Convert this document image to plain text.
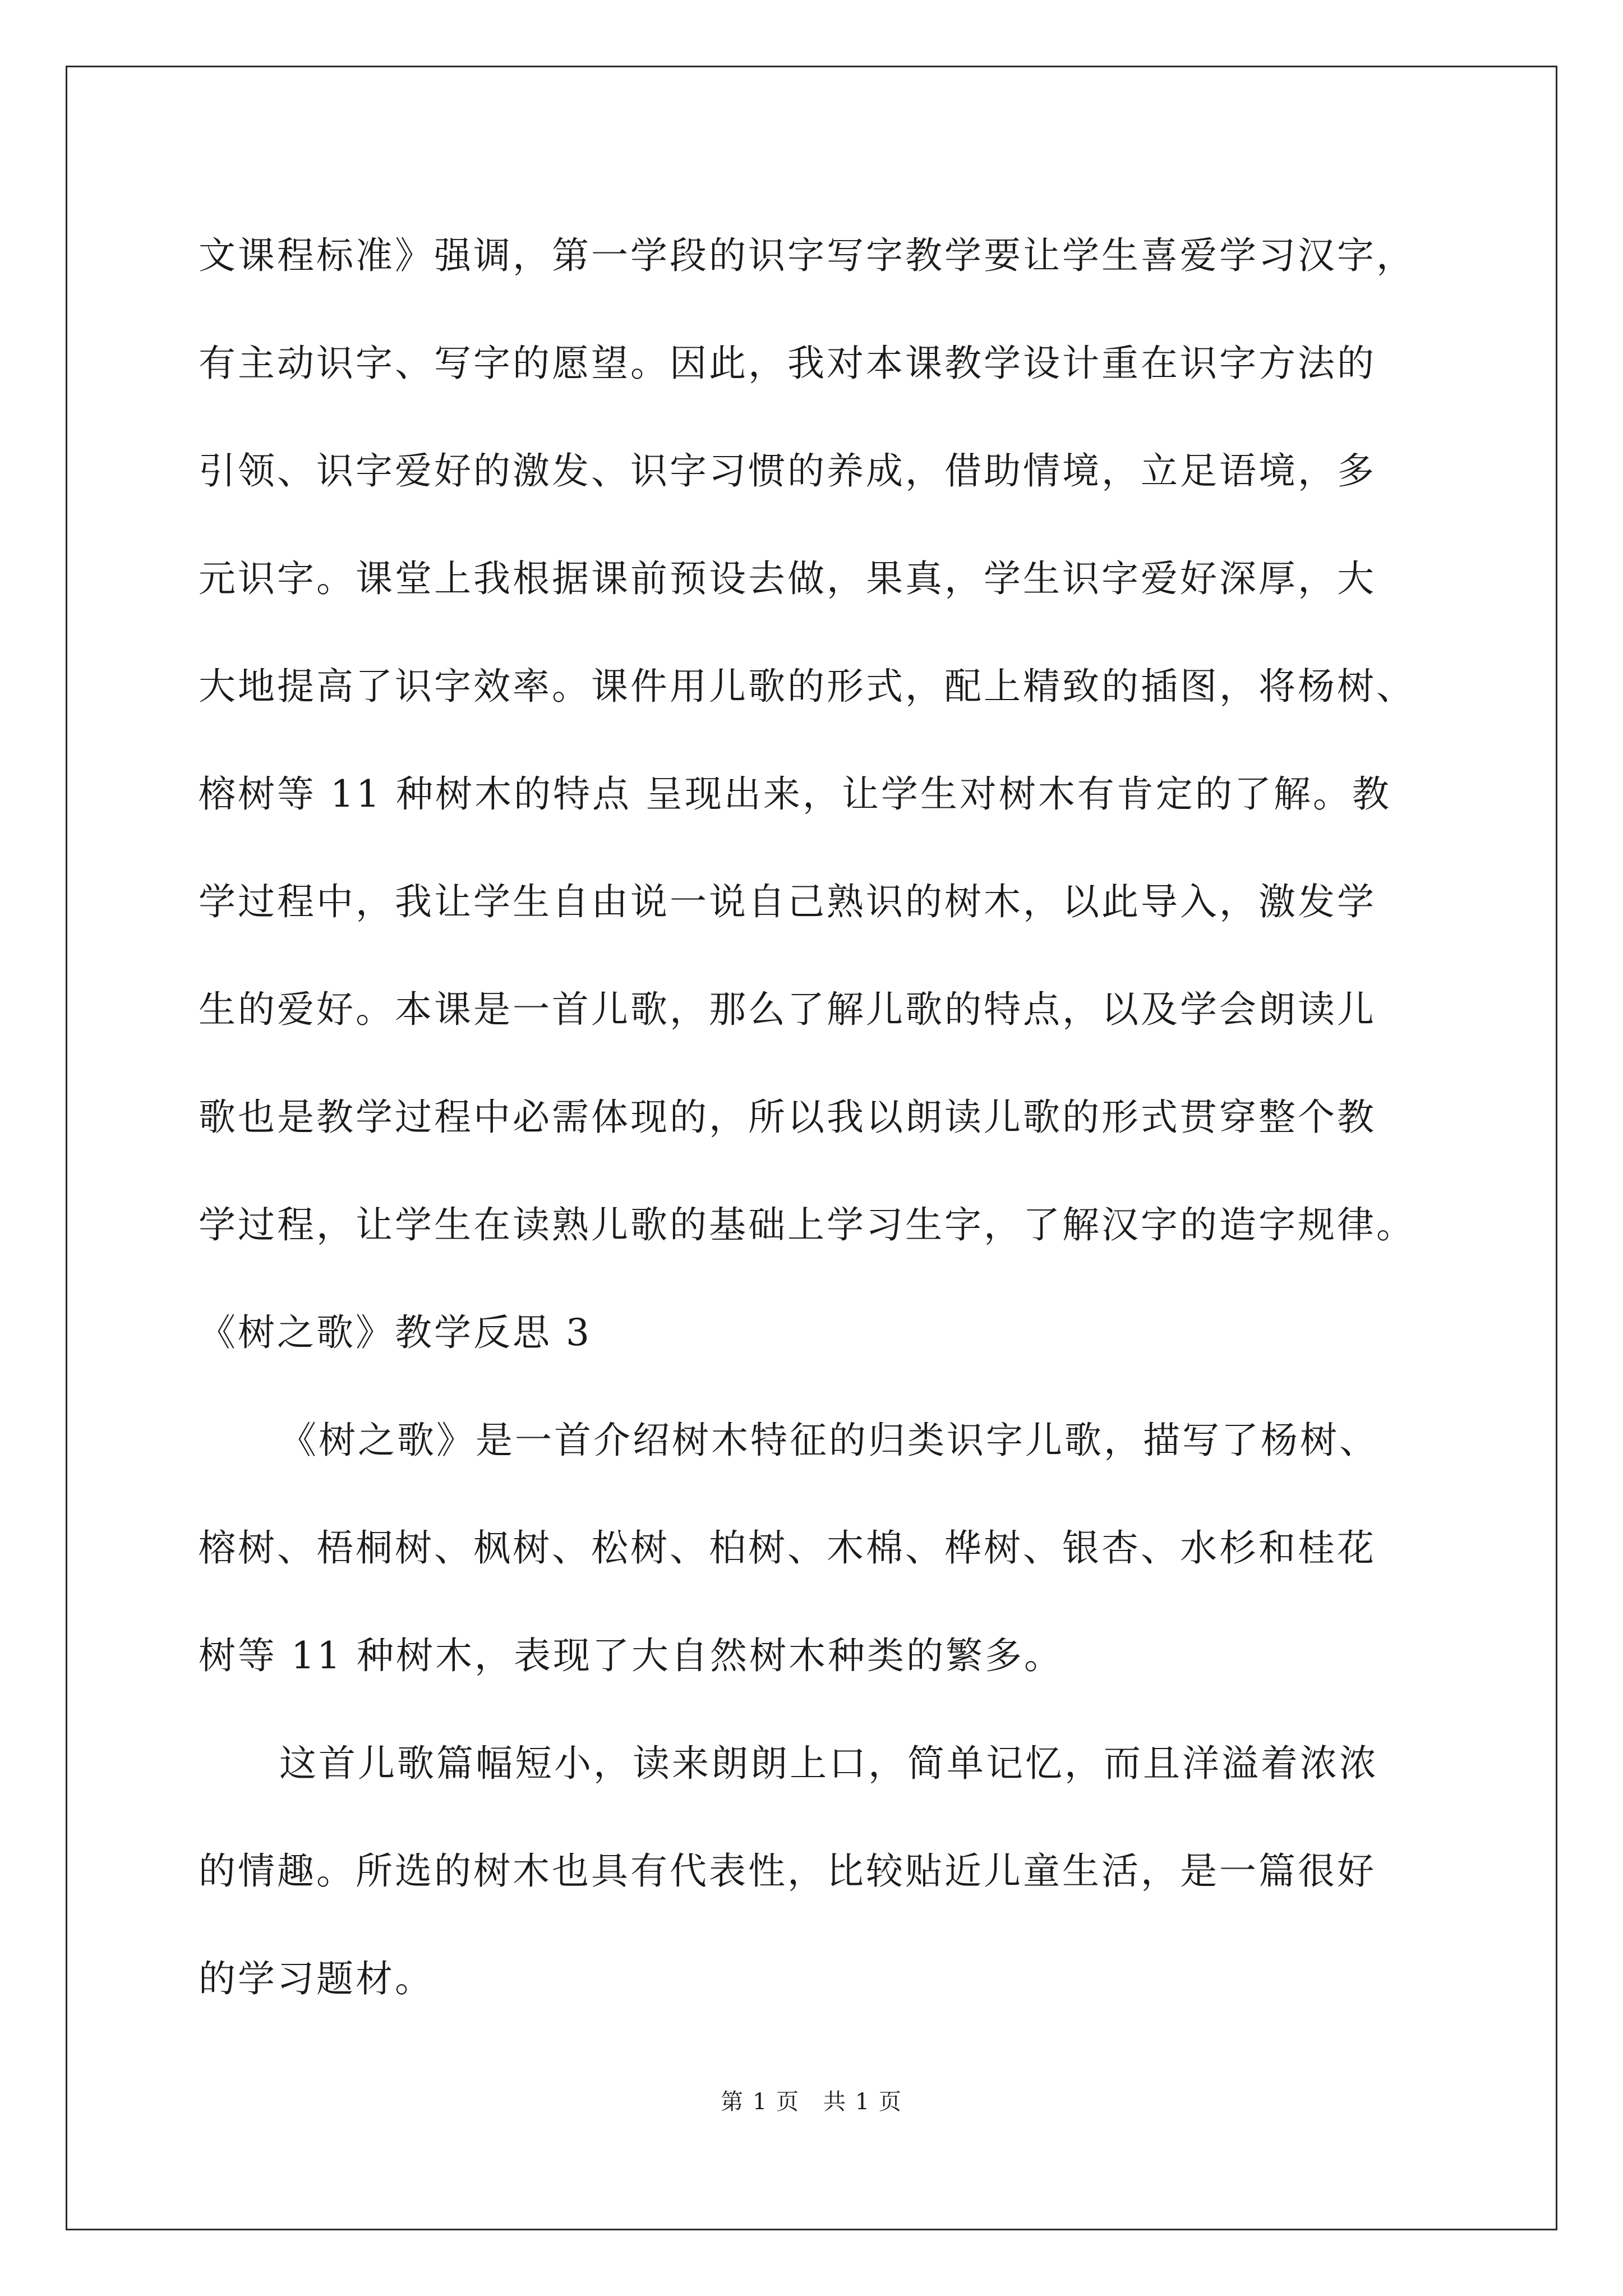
文课程标准》强调，第一学段的识字写字教学要让学生喜爱学习汉字，
有主动识字、写字的愿望。因此，我对本课教学设计重在识字方法的
引领、识字爱好的激发、识字习惯的养成，借助情境，立足语境，多
元识字。课堂上我根据课前预设去做，果真，学生识字爱好深厚，大
大地提高了识字效率。课件用儿歌的形式，配上精致的插图，将杨树、
榕树等 11 种树木的特点 呈现出来，让学生对树木有肯定的了解。教
学过程中，我让学生自由说一说自己熟识的树木，以此导入，激发学
生的爱好。本课是一首儿歌，那么了解儿歌的特点，以及学会朗读儿
歌也是教学过程中必需体现的，所以我以朗读儿歌的形式贯穿整个教
学过程，让学生在读熟儿歌的基础上学习生字，了解汉字的造字规律。
《树之歌》教学反思 3
《树之歌》是一首介绍树木特征的归类识字儿歌，描写了杨树、
榕树、梧桐树、枫树、松树、柏树、木棉、桦树、银杏、水杉和桂花
树等 11 种树木，表现了大自然树木种类的繁多。
这首儿歌篇幅短小，读来朗朗上口，简单记忆，而且洋溢着浓浓
的情趣。所选的树木也具有代表性，比较贴近儿童生活，是一篇很好
的学习题材。
第 1 页　共 1 页
